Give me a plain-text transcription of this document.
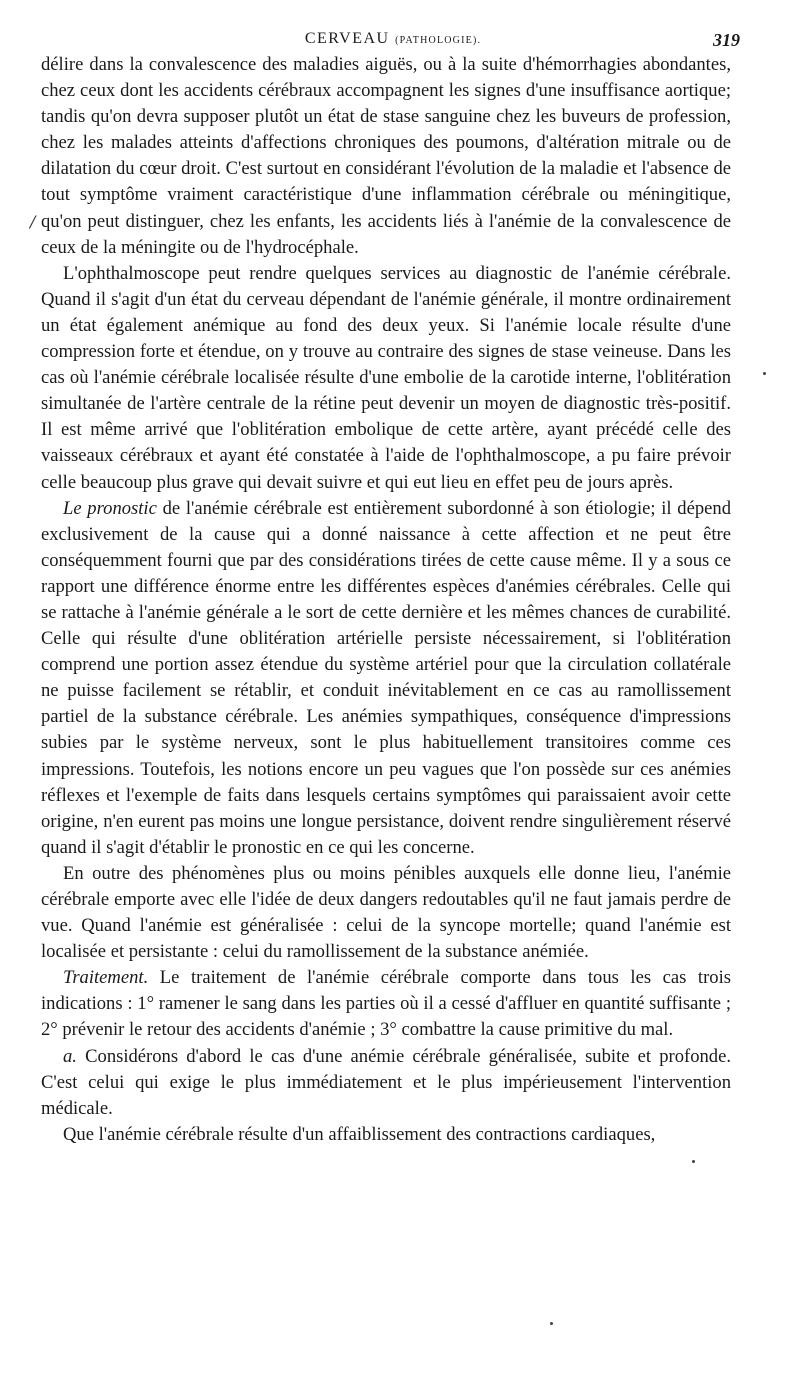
CERVEAU (PATHOLOGIE).	319
/

délire dans la convalescence des maladies aiguës, ou à la suite d'hémorrhagies abondantes, chez ceux dont les accidents cérébraux accompagnent les signes d'une insuffisance aortique; tandis qu'on devra supposer plutôt un état de stase sanguine chez les buveurs de profession, chez les malades atteints d'affections chroniques des poumons, d'altération mitrale ou de dilatation du cœur droit. C'est surtout en considérant l'évolution de la maladie et l'absence de tout symptôme vraiment caractéristique d'une inflammation cérébrale ou méningitique, qu'on peut distinguer, chez les enfants, les accidents liés à l'anémie de la convalescence de ceux de la méningite ou de l'hydrocéphale.

L'ophthalmoscope peut rendre quelques services au diagnostic de l'anémie cérébrale. Quand il s'agit d'un état du cerveau dépendant de l'anémie générale, il montre ordinairement un état également anémique au fond des deux yeux. Si l'anémie locale résulte d'une compression forte et étendue, on y trouve au contraire des signes de stase veineuse. Dans les cas où l'anémie cérébrale localisée résulte d'une embolie de la carotide interne, l'oblitération simultanée de l'artère centrale de la rétine peut devenir un moyen de diagnostic très-positif. Il est même arrivé que l'oblitération embolique de cette artère, ayant précédé celle des vaisseaux cérébraux et ayant été constatée à l'aide de l'ophthalmoscope, a pu faire prévoir celle beaucoup plus grave qui devait suivre et qui eut lieu en effet peu de jours après.

Le pronostic de l'anémie cérébrale est entièrement subordonné à son étiologie; il dépend exclusivement de la cause qui a donné naissance à cette affection et ne peut être conséquemment fourni que par des considérations tirées de cette cause même. Il y a sous ce rapport une différence énorme entre les différentes espèces d'anémies cérébrales. Celle qui se rattache à l'anémie générale a le sort de cette dernière et les mêmes chances de curabilité. Celle qui résulte d'une oblitération artérielle persiste nécessairement, si l'oblitération comprend une portion assez étendue du système artériel pour que la circulation collatérale ne puisse facilement se rétablir, et conduit inévitablement en ce cas au ramollissement partiel de la substance cérébrale. Les anémies sympathiques, conséquence d'impressions subies par le système nerveux, sont le plus habituellement transitoires comme ces impressions. Toutefois, les notions encore un peu vagues que l'on possède sur ces anémies réflexes et l'exemple de faits dans lesquels certains symptômes qui paraissaient avoir cette origine, n'en eurent pas moins une longue persistance, doivent rendre singulièrement réservé quand il s'agit d'établir le pronostic en ce qui les concerne.

En outre des phénomènes plus ou moins pénibles auxquels elle donne lieu, l'anémie cérébrale emporte avec elle l'idée de deux dangers redoutables qu'il ne faut jamais perdre de vue. Quand l'anémie est généralisée : celui de la syncope mortelle; quand l'anémie est localisée et persistante : celui du ramollissement de la substance anémiée.

Traitement. Le traitement de l'anémie cérébrale comporte dans tous les cas trois indications : 1° ramener le sang dans les parties où il a cessé d'affluer en quantité suffisante ; 2° prévenir le retour des accidents d'anémie ; 3° combattre la cause primitive du mal.

a. Considérons d'abord le cas d'une anémie cérébrale généralisée, subite et profonde. C'est celui qui exige le plus immédiatement et le plus impérieusement l'intervention médicale.

Que l'anémie cérébrale résulte d'un affaiblissement des contractions cardiaques,
